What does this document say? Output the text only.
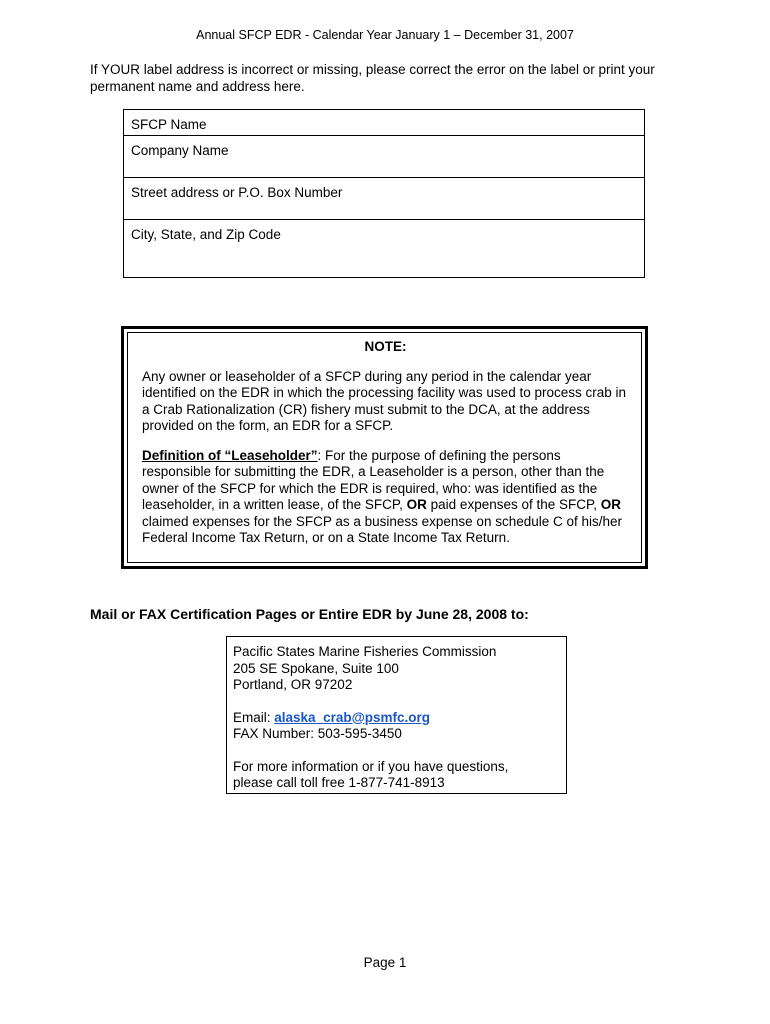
Annual SFCP EDR - Calendar Year January 1 – December 31, 2007
If YOUR label address is incorrect or missing, please correct the error on the label or print your permanent name and address here.
SFCP Name
Company Name
Street address or P.O. Box Number
City, State, and Zip Code
NOTE:

Any owner or leaseholder of a SFCP during any period in the calendar year identified on the EDR in which the processing facility was used to process crab in a Crab Rationalization (CR) fishery must submit to the DCA, at the address provided on the form, an EDR for a SFCP.

Definition of “Leaseholder”: For the purpose of defining the persons responsible for submitting the EDR, a Leaseholder is a person, other than the owner of the SFCP for which the EDR is required, who: was identified as the leaseholder, in a written lease, of the SFCP, OR paid expenses of the SFCP, OR claimed expenses for the SFCP as a business expense on schedule C of his/her Federal Income Tax Return, or on a State Income Tax Return.

Mail or FAX Certification Pages or Entire EDR by June 28, 2008 to:
Pacific States Marine Fisheries Commission
205 SE Spokane, Suite 100
Portland, OR 97202
Email: alaska_crab@psmfc.org
FAX Number: 503-595-3450
For more information or if you have questions,
please call toll free 1-877-741-8913
Page 1
